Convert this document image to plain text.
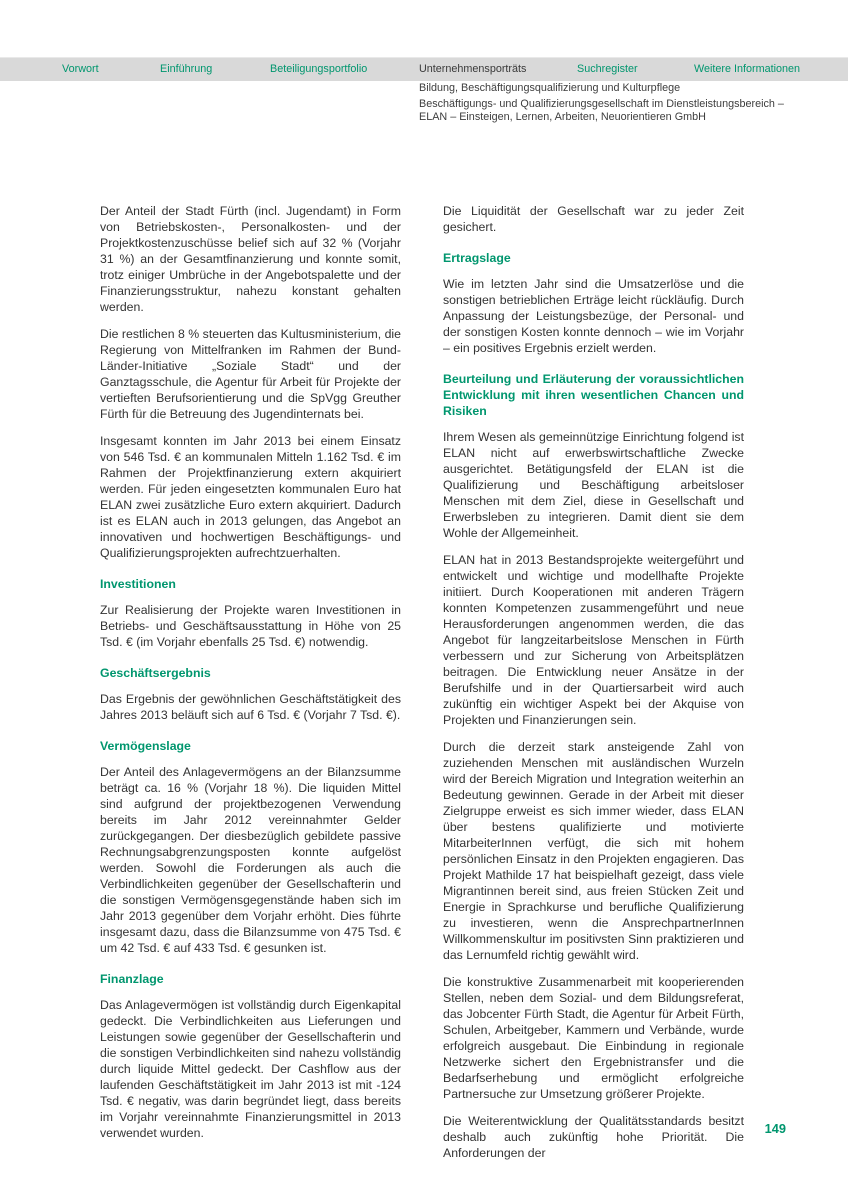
Vorwort	Einführung	Beteiligungsportfolio	Unternehmensporträts	Suchregister	Weitere Informationen
Bildung, Beschäftigungsqualifizierung und Kulturpflege
Beschäftigungs- und Qualifizierungsgesellschaft im Dienstleistungsbereich – ELAN – Einsteigen, Lernen, Arbeiten, Neuorientieren GmbH
Der Anteil der Stadt Fürth (incl. Jugendamt) in Form von Betriebskosten-, Personalkosten- und der Projektkostenzuschüsse belief sich auf 32 % (Vorjahr 31 %) an der Gesamtfinanzierung und konnte somit, trotz einiger Umbrüche in der Angebotspalette und der Finanzierungsstruktur, nahezu konstant gehalten werden.
Die restlichen 8 % steuerten das Kultusministerium, die Regierung von Mittelfranken im Rahmen der Bund-Länder-Initiative „Soziale Stadt“ und der Ganztagsschule, die Agentur für Arbeit für Projekte der vertieften Berufsorientierung und die SpVgg Greuther Fürth für die Betreuung des Jugendinternats bei.
Insgesamt konnten im Jahr 2013 bei einem Einsatz von 546 Tsd. € an kommunalen Mitteln 1.162 Tsd. € im Rahmen der Projektfinanzierung extern akquiriert werden. Für jeden eingesetzten kommunalen Euro hat ELAN zwei zusätzliche Euro extern akquiriert. Dadurch ist es ELAN auch in 2013 gelungen, das Angebot an innovativen und hochwertigen Beschäftigungs- und Qualifizierungsprojekten aufrechtzuerhalten.
Investitionen
Zur Realisierung der Projekte waren Investitionen in Betriebs- und Geschäftsausstattung in Höhe von 25 Tsd. € (im Vorjahr ebenfalls 25 Tsd. €) notwendig.
Geschäftsergebnis
Das Ergebnis der gewöhnlichen Geschäftstätigkeit des Jahres 2013 beläuft sich auf 6 Tsd. € (Vorjahr 7 Tsd. €).
Vermögenslage
Der Anteil des Anlagevermögens an der Bilanzsumme beträgt ca. 16 % (Vorjahr 18 %). Die liquiden Mittel sind aufgrund der projektbezogenen Verwendung bereits im Jahr 2012 vereinnahmter Gelder zurückgegangen. Der diesbezüglich gebildete passive Rechnungsabgrenzungsposten konnte aufgelöst werden. Sowohl die Forderungen als auch die Verbindlichkeiten gegenüber der Gesellschafterin und die sonstigen Vermögensgegenstände haben sich im Jahr 2013 gegenüber dem Vorjahr erhöht. Dies führte insgesamt dazu, dass die Bilanzsumme von 475 Tsd. € um 42 Tsd. € auf 433 Tsd. € gesunken ist.
Finanzlage
Das Anlagevermögen ist vollständig durch Eigenkapital gedeckt. Die Verbindlichkeiten aus Lieferungen und Leistungen sowie gegenüber der Gesellschafterin und die sonstigen Verbindlichkeiten sind nahezu vollständig durch liquide Mittel gedeckt. Der Cashflow aus der laufenden Geschäftstätigkeit im Jahr 2013 ist mit -124 Tsd. € negativ, was darin begründet liegt, dass bereits im Vorjahr vereinnahmte Finanzierungsmittel in 2013 verwendet wurden.
Die Liquidität der Gesellschaft war zu jeder Zeit gesichert.
Ertragslage
Wie im letzten Jahr sind die Umsatzerlöse und die sonstigen betrieblichen Erträge leicht rückläufig. Durch Anpassung der Leistungsbezüge, der Personal- und der sonstigen Kosten konnte dennoch – wie im Vorjahr – ein positives Ergebnis erzielt werden.
Beurteilung und Erläuterung der voraussichtlichen Entwicklung mit ihren wesentlichen Chancen und Risiken
Ihrem Wesen als gemeinnützige Einrichtung folgend ist ELAN nicht auf erwerbswirtschaftliche Zwecke ausgerichtet. Betätigungsfeld der ELAN ist die Qualifizierung und Beschäftigung arbeitsloser Menschen mit dem Ziel, diese in Gesellschaft und Erwerbsleben zu integrieren. Damit dient sie dem Wohle der Allgemeinheit.
ELAN hat in 2013 Bestandsprojekte weitergeführt und entwickelt und wichtige und modellhafte Projekte initiiert. Durch Kooperationen mit anderen Trägern konnten Kompetenzen zusammengeführt und neue Herausforderungen angenommen werden, die das Angebot für langzeitarbeitslose Menschen in Fürth verbessern und zur Sicherung von Arbeitsplätzen beitragen. Die Entwicklung neuer Ansätze in der Berufshilfe und in der Quartiersarbeit wird auch zukünftig ein wichtiger Aspekt bei der Akquise von Projekten und Finanzierungen sein.
Durch die derzeit stark ansteigende Zahl von zuziehenden Menschen mit ausländischen Wurzeln wird der Bereich Migration und Integration weiterhin an Bedeutung gewinnen. Gerade in der Arbeit mit dieser Zielgruppe erweist es sich immer wieder, dass ELAN über bestens qualifizierte und motivierte MitarbeiterInnen verfügt, die sich mit hohem persönlichen Einsatz in den Projekten engagieren. Das Projekt Mathilde 17 hat beispielhaft gezeigt, dass viele Migrantinnen bereit sind, aus freien Stücken Zeit und Energie in Sprachkurse und berufliche Qualifizierung zu investieren, wenn die AnsprechpartnerInnen Willkommenskultur im positivsten Sinn praktizieren und das Lernumfeld richtig gewählt wird.
Die konstruktive Zusammenarbeit mit kooperierenden Stellen, neben dem Sozial- und dem Bildungsreferat, das Jobcenter Fürth Stadt, die Agentur für Arbeit Fürth, Schulen, Arbeitgeber, Kammern und Verbände, wurde erfolgreich ausgebaut. Die Einbindung in regionale Netzwerke sichert den Ergebnistransfer und die Bedarfserhebung und ermöglicht erfolgreiche Partnersuche zur Umsetzung größerer Projekte.
Die Weiterentwicklung der Qualitätsstandards besitzt deshalb auch zukünftig hohe Priorität. Die Anforderungen der
149
